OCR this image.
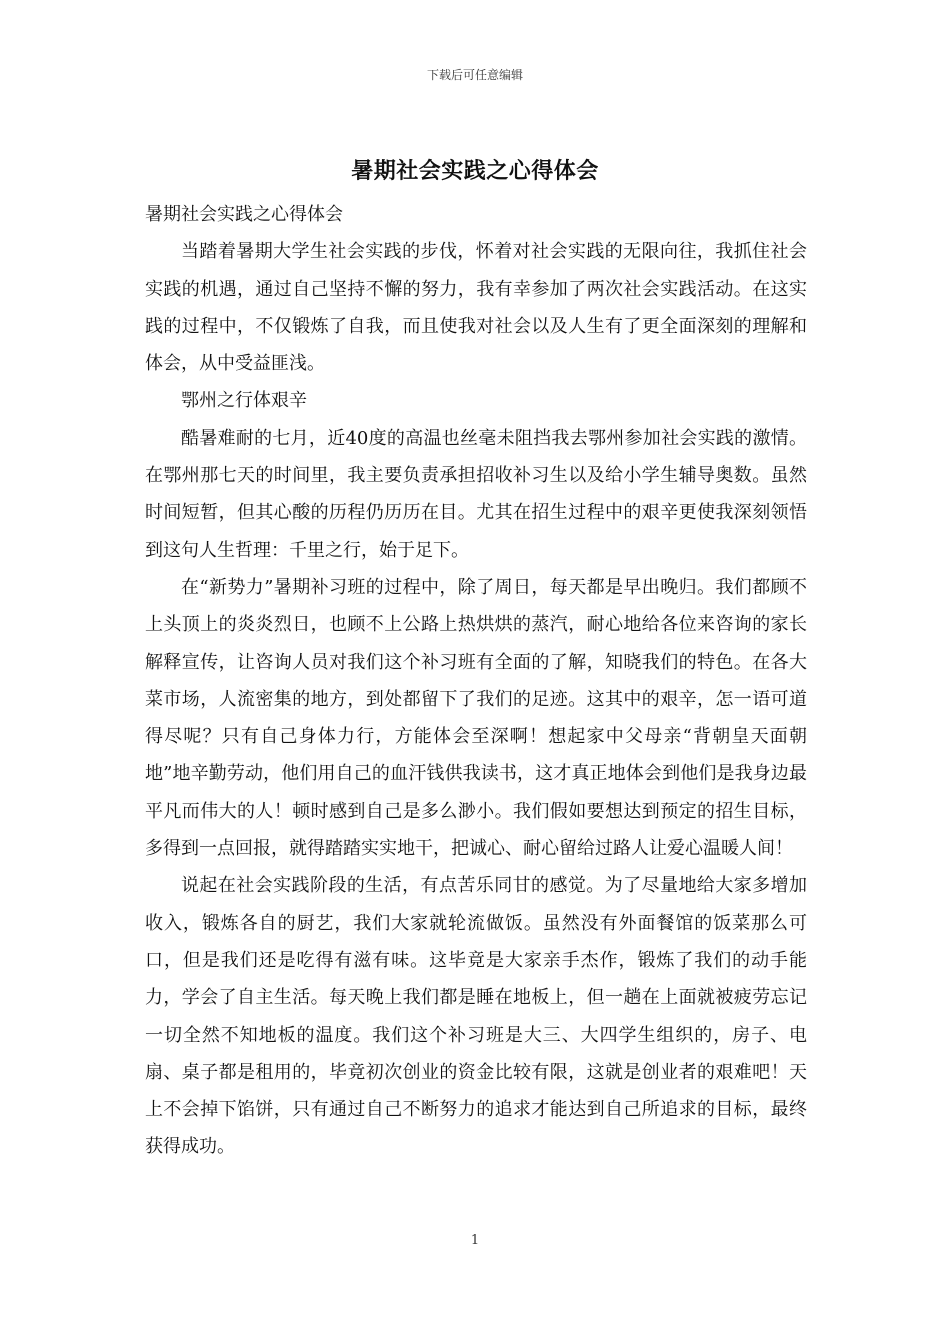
下载后可任意编辑
暑期社会实践之心得体会

暑期社会实践之心得体会

当踏着暑期大学生社会实践的步伐，怀着对社会实践的无限向往，我抓住社会实践的机遇，通过自己坚持不懈的努力，我有幸参加了两次社会实践活动。在这实践的过程中，不仅锻炼了自我，而且使我对社会以及人生有了更全面深刻的理解和体会，从中受益匪浅。

鄂州之行体艰辛

酷暑难耐的七月，近40度的高温也丝毫未阻挡我去鄂州参加社会实践的激情。在鄂州那七天的时间里，我主要负责承担招收补习生以及给小学生辅导奥数。虽然时间短暂，但其心酸的历程仍历历在目。尤其在招生过程中的艰辛更使我深刻领悟到这句人生哲理：千里之行，始于足下。

在“新势力”暑期补习班的过程中，除了周日，每天都是早出晚归。我们都顾不上头顶上的炎炎烈日，也顾不上公路上热烘烘的蒸汽，耐心地给各位来咨询的家长解释宣传，让咨询人员对我们这个补习班有全面的了解，知晓我们的特色。在各大菜市场，人流密集的地方，到处都留下了我们的足迹。这其中的艰辛，怎一语可道得尽呢？只有自己身体力行，方能体会至深啊！想起家中父母亲“背朝皇天面朝地”地辛勤劳动，他们用自己的血汗钱供我读书，这才真正地体会到他们是我身边最平凡而伟大的人！顿时感到自己是多么渺小。我们假如要想达到预定的招生目标，多得到一点回报，就得踏踏实实地干，把诚心、耐心留给过路人让爱心温暖人间！

说起在社会实践阶段的生活，有点苦乐同甘的感觉。为了尽量地给大家多增加收入，锻炼各自的厨艺，我们大家就轮流做饭。虽然没有外面餐馆的饭菜那么可口，但是我们还是吃得有滋有味。这毕竟是大家亲手杰作，锻炼了我们的动手能力，学会了自主生活。每天晚上我们都是睡在地板上，但一趟在上面就被疲劳忘记一切全然不知地板的温度。我们这个补习班是大三、大四学生组织的，房子、电扇、桌子都是租用的，毕竟初次创业的资金比较有限，这就是创业者的艰难吧！天上不会掉下馅饼，只有通过自己不断努力的追求才能达到自己所追求的目标，最终获得成功。

1
